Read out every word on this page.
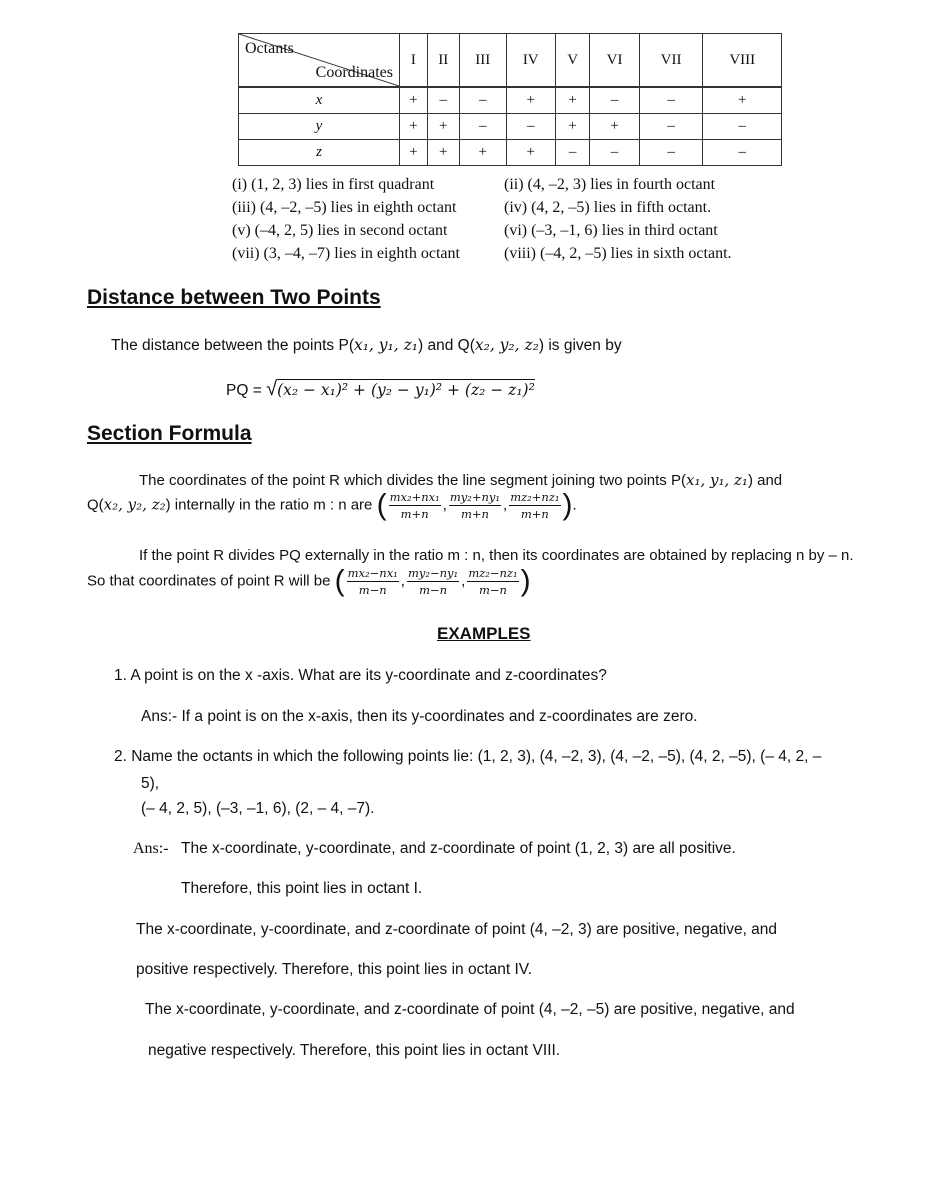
Octants
Coordinates	I	II	III	IV	V	VI	VII	VIII
x	+	–	–	+	+	–	–	+
y	+	+	–	–	+	+	–	–
z	+	+	+	+	–	–	–	–
(i) (1, 2, 3) lies in first quadrant	(ii) (4, –2, 3) lies in fourth octant
(iii) (4, –2, –5) lies in eighth octant	(iv) (4, 2, –5) lies in fifth octant.
(v) (–4, 2, 5) lies in second octant	(vi) (–3, –1, 6) lies in third octant
(vii) (3, –4, –7) lies in eighth octant	(viii) (–4, 2, –5) lies in sixth octant.
Distance between Two Points
The distance between the points P(x₁, y₁, z₁) and Q(x₂, y₂, z₂) is given by
PQ = √(x₂ − x₁)² + (y₂ − y₁)² + (z₂ − z₁)²
Section Formula
The coordinates of the point R which divides the line segment joining two points P(x₁, y₁, z₁) and
Q(x₂, y₂, z₂) internally in the ratio m : n are ( $\frac{\text{mx₂+nx₁}}{m+n}$ , $\frac{\text{my₂+ny₁}}{m+n}$ , $\frac{\text{mz₂+nz₁}}{m+n}$ ).
If the point R divides PQ externally in the ratio m : n, then its coordinates are obtained by replacing n by – n.
So that coordinates of point R will be ( $\frac{\text{mx₂−nx₁}}{m-n}$ , $\frac{\text{my₂−ny₁}}{m-n}$ , $\frac{\text{mz₂−nz₁}}{m-n}$ )
EXAMPLES
1. A point is on the x -axis. What are its y-coordinate and z-coordinates?
Ans:- If a point is on the x-axis, then its y-coordinates and z-coordinates are zero.
2. Name the octants in which the following points lie: (1, 2, 3), (4, –2, 3), (4, –2, –5), (4, 2, –5), (– 4, 2, –
5),
(– 4, 2, 5), (–3, –1, 6), (2, – 4, –7).
Ans:- The x-coordinate, y-coordinate, and z-coordinate of point (1, 2, 3) are all positive.
Therefore, this point lies in octant I.
The x-coordinate, y-coordinate, and z-coordinate of point (4, –2, 3) are positive, negative, and
positive respectively. Therefore, this point lies in octant IV.
The x-coordinate, y-coordinate, and z-coordinate of point (4, –2, –5) are positive, negative, and
negative respectively. Therefore, this point lies in octant VIII.
